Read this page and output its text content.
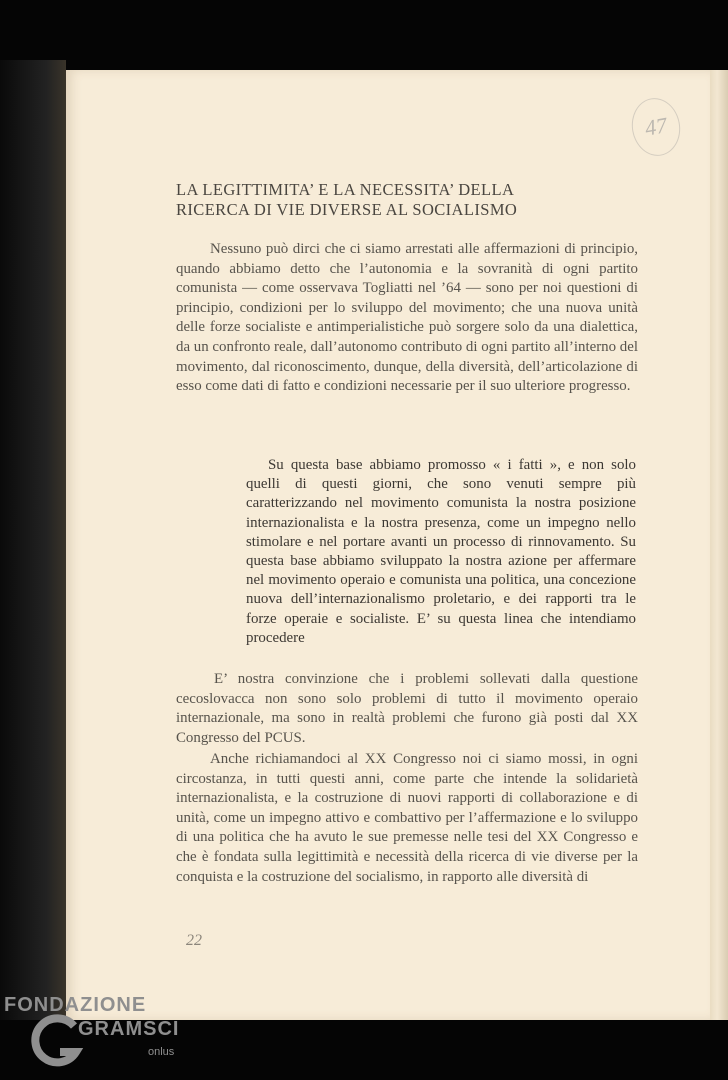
47
LA LEGITTIMITA’ E LA NECESSITA’ DELLA
RICERCA DI VIE DIVERSE AL SOCIALISMO

Nessuno può dirci che ci siamo arrestati alle affermazioni di principio, quando abbiamo detto che l’autonomia e la sovranità di ogni partito comunista — come osservava Togliatti nel ’64 — sono per noi questioni di principio, condizioni per lo sviluppo del movimento; che una nuova unità delle forze socialiste e antimperialistiche può sorgere solo da una dialettica, da un confronto reale, dall’autonomo contributo di ogni partito all’interno del movimento, dal riconoscimento, dunque, della diversità, dell’articolazione di esso come dati di fatto e condizioni necessarie per il suo ulteriore progresso.

Su questa base abbiamo promosso « i fatti », e non solo quelli di questi giorni, che sono venuti sempre più caratterizzando nel movimento comunista la nostra posizione internazionalista e la nostra presenza, come un impegno nello stimolare e nel portare avanti un processo di rinnovamento. Su questa base abbiamo sviluppato la nostra azione per affermare nel movimento operaio e comunista una politica, una concezione nuova dell’internazionalismo proletario, e dei rapporti tra le forze operaie e socialiste. E’ su questa linea che intendiamo procedere

E’ nostra convinzione che i problemi sollevati dalla questione cecoslovacca non sono solo problemi di tutto il movimento operaio internazionale, ma sono in realtà problemi che furono già posti dal XX Congresso del PCUS.

Anche richiamandoci al XX Congresso noi ci siamo mossi, in ogni circostanza, in tutti questi anni, come parte che intende la solidarietà internazionalista, e la costruzione di nuovi rapporti di collaborazione e di unità, come un impegno attivo e combattivo per l’affermazione e lo sviluppo di una politica che ha avuto le sue premesse nelle tesi del XX Congresso e che è fondata sulla legittimità e necessità della ricerca di vie diverse per la conquista e la costruzione del socialismo, in rapporto alle diversità di

22
FONDAZIONE
GRAMSCI
onlus
